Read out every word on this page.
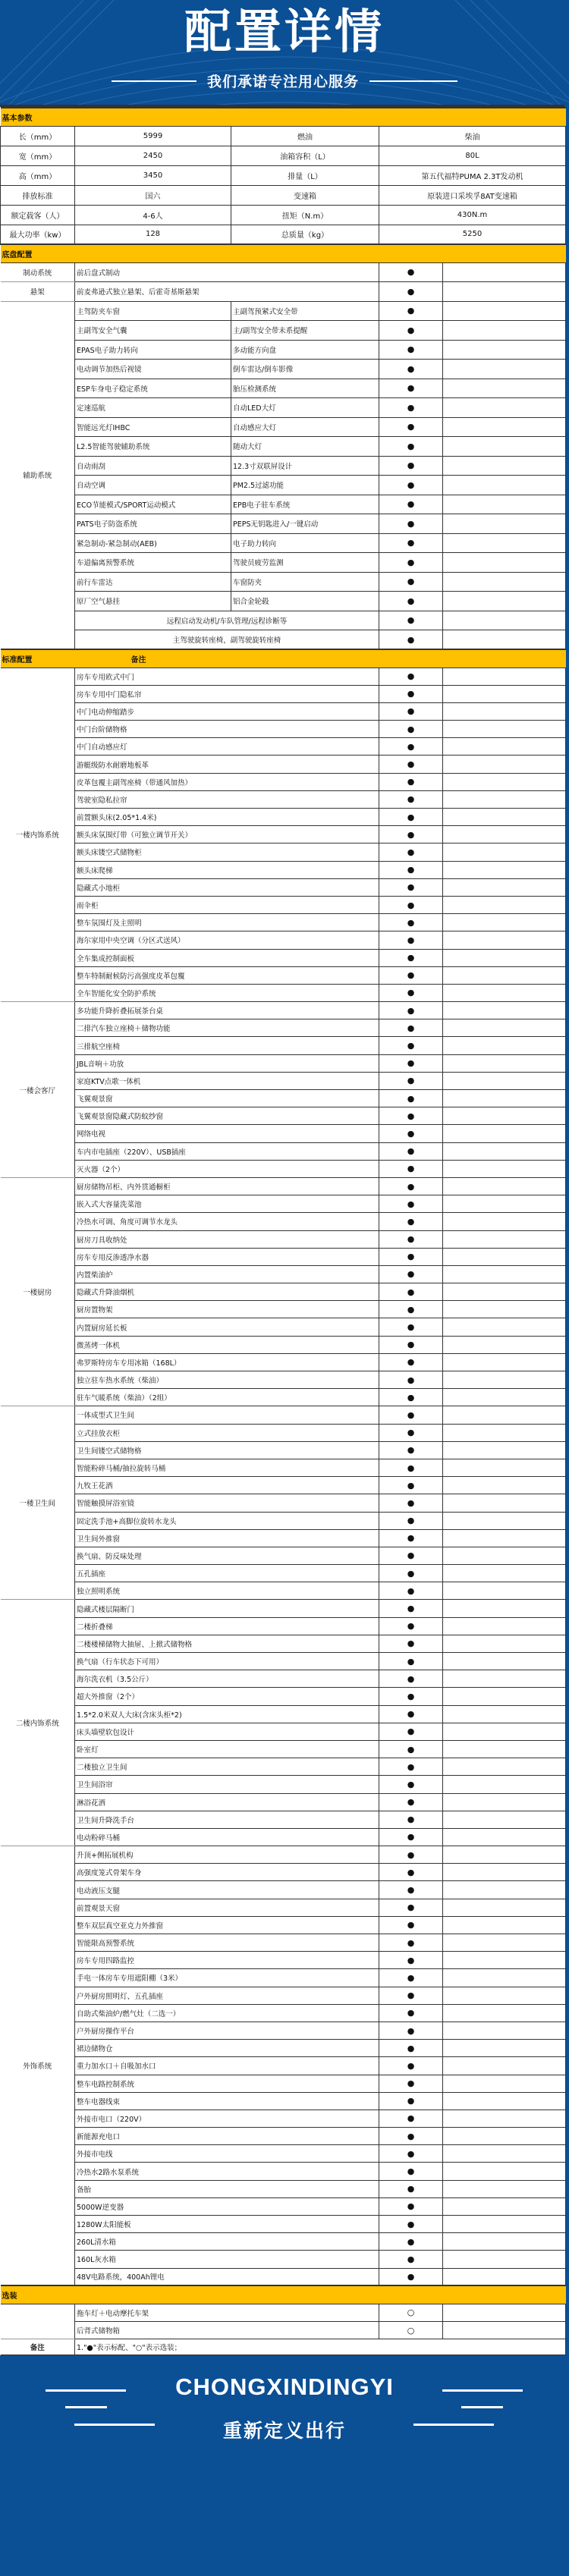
配置详情
我们承诺专注用心服务
基本参数				
长（mm）	5999	燃油	柴油	
宽（mm）	2450	油箱容积（L）	80L	
高（mm）	3450	排量（L）	第五代福特PUMA 2.3T发动机	
排放标准	国六	变速箱	原装进口采埃孚8AT变速箱	
额定载客（人）	4-6人	扭矩（N.m）	430N.m	
最大功率（kw）	128	总质量（kg）	5250	
底盘配置				
制动系统	前后盘式制动		●	
悬架	前麦弗逊式独立悬架、后霍奇基斯悬架		●	
辅助系统	主驾防夹车窗	主副驾预紧式安全带	●	
	主副驾安全气囊	主/副驾安全带未系提醒	●	
	EPAS电子助力转向	多动能方向盘	●	
	电动调节加热后视镜	倒车雷达/倒车影像	●	
	ESP车身电子稳定系统	胎压检测系统	●	
	定速巡航	自动LED大灯	●	
	智能远光灯IHBC	自动感应大灯	●	
	L2.5智能驾驶辅助系统	随动大灯	●	
	自动雨刮	12.3寸双联屏设计	●	
	自动空调	PM2.5过滤功能	●	
	ECO节能模式/SPORT运动模式	EPB电子驻车系统	●	
	PATS电子防盗系统	PEPS无钥匙进入/一键启动	●	
	紧急制动-紧急制动(AEB)	电子助力转向	●	
	车道偏离预警系统	驾驶员疲劳监测	●	
	前行车雷达	车窗防夹	●	
	原厂空气悬挂	铝合金轮毂	●	
	远程启动发动机/车队管理/远程诊断等		●	
	主驾驶旋转座椅，副驾驶旋转座椅		●	
标准配置	备注			
一楼内饰系统	房车专用欧式中门		●	
	房车专用中门隐私帘		●	
	中门电动伸缩踏步		●	
	中门台阶储物格		●	
	中门自动感应灯		●	
	游艇级防水耐磨地板革		●	
	皮革包覆主副驾座椅（带通风加热）		●	
	驾驶室隐私拉帘		●	
	前置额头床(2.05*1.4米)		●	
	额头床氛围灯带（可独立调节开关）		●	
	额头床镂空式储物柜		●	
	额头床爬梯		●	
	隐藏式小地柜		●	
	雨伞柜		●	
	整车氛围灯及主照明		●	
	海尔家用中央空调（分区式送风）		●	
	全车集成控制面板		●	
	整车特制耐候防污高强度皮革包覆		●	
	全车智能化安全防护系统		●	
一楼会客厅	多功能升降折叠拓展茶台桌		●	
	二排汽车独立座椅＋储物功能		●	
	三排航空座椅		●	
	JBL音响＋功放		●	
	家庭KTV点歌一体机		●	
	飞翼观景窗		●	
	飞翼观景窗隐藏式防蚊纱窗		●	
	网络电视		●	
	车内市电插座（220V）、USB插座		●	
	灭火器（2个）		●	
一楼厨房	厨房储物吊柜、内外贯通橱柜		●	
	嵌入式大容量洗菜池		●	
	冷热水可调、角度可调节水龙头		●	
	厨房刀具收纳处		●	
	房车专用反渗透净水器		●	
	内置柴油炉		●	
	隐藏式升降油烟机		●	
	厨房置物架		●	
	内置厨房延长板		●	
	微蒸烤一体机		●	
	弗罗斯特房车专用冰箱（168L）		●	
	独立驻车热水系统（柴油）		●	
	驻车气暖系统（柴油）（2组）		●	
一楼卫生间	一体成型式卫生间		●	
	立式挂放衣柜		●	
	卫生间镂空式储物格		●	
	智能粉碎马桶/抽拉旋转马桶		●	
	九牧王花洒		●	
	智能触摸屏浴室镜		●	
	固定洗手池+高脚位旋转水龙头		●	
	卫生间外推窗		●	
	换气扇、防反味处理		●	
	五孔插座		●	
	独立照明系统		●	
二楼内饰系统	隐藏式楼层隔断门		●	
	二楼折叠梯		●	
	二楼楼梯储物大抽屉、上掀式储物格		●	
	换气扇（行车状态下可用）		●	
	海尔洗衣机（3.5公斤）		●	
	超大外推窗（2个）		●	
	1.5*2.0米双人大床(含床头柜*2)		●	
	床头墙壁软包设计		●	
	卧室灯		●	
	二楼独立卫生间		●	
	卫生间浴帘		●	
	淋浴花洒		●	
	卫生间升降洗手台		●	
	电动粉碎马桶		●	
外饰系统	升顶+侧拓展机构		●	
	高强度笼式骨架车身		●	
	电动液压支腿		●	
	前置观景天窗		●	
	整车双层真空亚克力外推窗		●	
	智能限高预警系统		●	
	房车专用四路监控		●	
	手电一体房车专用遮阳棚（3米）		●	
	户外厨房照明灯、五孔插座		●	
	自助式柴油炉/燃气灶（二选一）		●	
	户外厨房操作平台		●	
	裙边储物仓		●	
	重力加水口＋自吸加水口		●	
	整车电路控制系统		●	
	整车电器线束		●	
	外接市电口（220V）		●	
	新能源充电口		●	
	外接市电线		●	
	冷热水2路水泵系统		●	
	备胎		●	
	5000W逆变器		●	
	1280W太阳能板		●	
	260L清水箱		●	
	160L灰水箱		●	
	48V电路系统，400Ah锂电		●	
选装				
	拖车灯＋电动摩托车架		○	
	后背式储物箱		○	
备注	1."●"表示标配、"○"表示选装；			
CHONGXINDINGYI
重新定义出行
